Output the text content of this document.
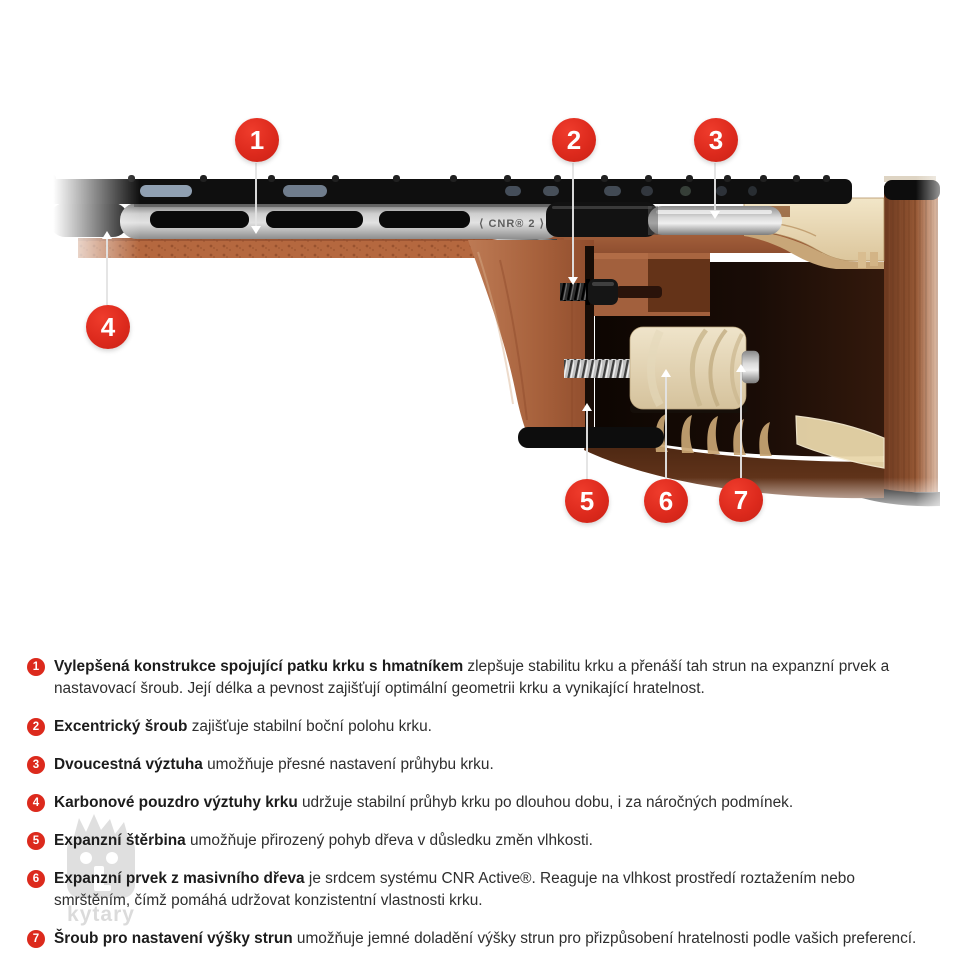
⟨ CNR® 2 ⟩
1	2	3
4
5	6	7
kytary
1 Vylepšená konstrukce spojující patku krku s hmatníkem zlepšuje stabilitu krku a přenáší tah strun na expanzní prvek a nastavovací šroub. Její délka a pevnost zajišťují optimální geometrii krku a vynikající hratelnost.
2 Excentrický šroub zajišťuje stabilní boční polohu krku.
3 Dvoucestná výztuha umožňuje přesné nastavení průhybu krku.
4 Karbonové pouzdro výztuhy krku udržuje stabilní průhyb krku po dlouhou dobu, i za náročných podmínek.
5 Expanzní štěrbina umožňuje přirozený pohyb dřeva v důsledku změn vlhkosti.
6 Expanzní prvek z masivního dřeva je srdcem systému CNR Active®. Reaguje na vlhkost prostředí roztažením nebo smrštěním, čímž pomáhá udržovat konzistentní vlastnosti krku.
7 Šroub pro nastavení výšky strun umožňuje jemné doladění výšky strun pro přizpůsobení hratelnosti podle vašich preferencí.
